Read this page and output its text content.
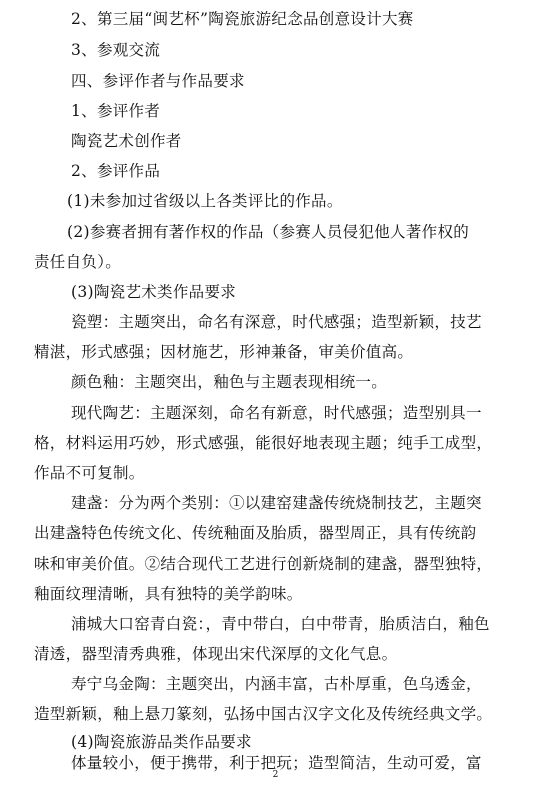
2、第三届“闽艺杯”陶瓷旅游纪念品创意设计大赛
3、参观交流
四、参评作者与作品要求
1、参评作者
陶瓷艺术创作者
2、参评作品
(1)未参加过省级以上各类评比的作品。
(2)参赛者拥有著作权的作品（参赛人员侵犯他人著作权的
责任自负）。
(3)陶瓷艺术类作品要求
瓷塑：主题突出，命名有深意，时代感强；造型新颖，技艺
精湛，形式感强；因材施艺，形神兼备，审美价值高。
颜色釉：主题突出，釉色与主题表现相统一。
现代陶艺：主题深刻，命名有新意，时代感强；造型别具一
格，材料运用巧妙，形式感强，能很好地表现主题；纯手工成型，
作品不可复制。
建盏：分为两个类别：①以建窑建盏传统烧制技艺，主题突
出建盏特色传统文化、传统釉面及胎质，器型周正，具有传统韵
味和审美价值。②结合现代工艺进行创新烧制的建盏，器型独特，
釉面纹理清晰，具有独特的美学韵味。
浦城大口窑青白瓷：，青中带白，白中带青，胎质洁白，釉色
清透，器型清秀典雅，体现出宋代深厚的文化气息。
寿宁乌金陶：主题突出，内涵丰富，古朴厚重，色乌透金，
造型新颖，釉上悬刀篆刻，弘扬中国古汉字文化及传统经典文学。
(4)陶瓷旅游品类作品要求
体量较小，便于携带，利于把玩；造型简洁，生动可爱，富
2
